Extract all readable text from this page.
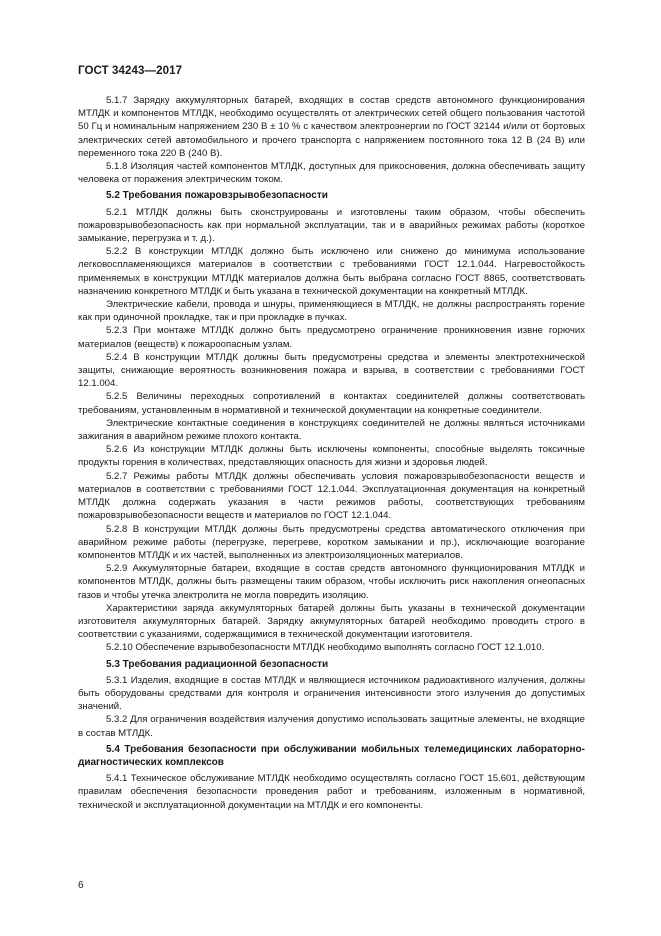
ГОСТ 34243—2017

5.1.7 Зарядку аккумуляторных батарей, входящих в состав средств автономного функционирования МТЛДК и компонентов МТЛДК, необходимо осуществлять от электрических сетей общего пользования частотой 50 Гц и номинальным напряжением 230 В ± 10 % с качеством электроэнергии по ГОСТ 32144 и/или от бортовых электрических сетей автомобильного и прочего транспорта с напряжением постоянного тока 12 В (24 В) или переменного тока 220 В (240 В).

5.1.8 Изоляция частей компонентов МТЛДК, доступных для прикосновения, должна обеспечивать защиту человека от поражения электрическим током.

5.2 Требования пожаровзрывобезопасности

5.2.1 МТЛДК должны быть сконструированы и изготовлены таким образом, чтобы обеспечить пожаровзрывобезопасность как при нормальной эксплуатации, так и в аварийных режимах работы (короткое замыкание, перегрузка и т. д.).

5.2.2 В конструкции МТЛДК должно быть исключено или снижено до минимума использование легковоспламеняющихся материалов в соответствии с требованиями ГОСТ 12.1.044. Нагревостойкость применяемых в конструкции МТЛДК материалов должна быть выбрана согласно ГОСТ 8865, соответствовать назначению конкретного МТЛДК и быть указана в технической документации на конкретный МТЛДК.

Электрические кабели, провода и шнуры, применяющиеся в МТЛДК, не должны распространять горение как при одиночной прокладке, так и при прокладке в пучках.

5.2.3 При монтаже МТЛДК должно быть предусмотрено ограничение проникновения извне горючих материалов (веществ) к пожароопасным узлам.

5.2.4 В конструкции МТЛДК должны быть предусмотрены средства и элементы электротехнической защиты, снижающие вероятность возникновения пожара и взрыва, в соответствии с требованиями ГОСТ 12.1.004.

5.2.5 Величины переходных сопротивлений в контактах соединителей должны соответствовать требованиям, установленным в нормативной и технической документации на конкретные соединители.

Электрические контактные соединения в конструкциях соединителей не должны являться источниками зажигания в аварийном режиме плохого контакта.

5.2.6 Из конструкции МТЛДК должны быть исключены компоненты, способные выделять токсичные продукты горения в количествах, представляющих опасность для жизни и здоровья людей.

5.2.7 Режимы работы МТЛДК должны обеспечивать условия пожаровзрывобезопасности веществ и материалов в соответствии с требованиями ГОСТ 12.1.044. Эксплуатационная документация на конкретный МТЛДК должна содержать указания в части режимов работы, соответствующих требованиям пожаровзрывобезопасности веществ и материалов по ГОСТ 12.1.044.

5.2.8 В конструкции МТЛДК должны быть предусмотрены средства автоматического отключения при аварийном режиме работы (перегрузке, перегреве, коротком замыкании и пр.), исключающие возгорание компонентов МТЛДК и их частей, выполненных из электроизоляционных материалов.

5.2.9 Аккумуляторные батареи, входящие в состав средств автономного функционирования МТЛДК и компонентов МТЛДК, должны быть размещены таким образом, чтобы исключить риск накопления огнеопасных газов и чтобы утечка электролита не могла повредить изоляцию.

Характеристики заряда аккумуляторных батарей должны быть указаны в технической документации изготовителя аккумуляторных батарей. Зарядку аккумуляторных батарей необходимо проводить строго в соответствии с указаниями, содержащимися в технической документации изготовителя.

5.2.10 Обеспечение взрывобезопасности МТЛДК необходимо выполнять согласно ГОСТ 12.1.010.

5.3 Требования радиационной безопасности

5.3.1 Изделия, входящие в состав МТЛДК и являющиеся источником радиоактивного излучения, должны быть оборудованы средствами для контроля и ограничения интенсивности этого излучения до допустимых значений.

5.3.2 Для ограничения воздействия излучения допустимо использовать защитные элементы, не входящие в состав МТЛДК.

5.4 Требования безопасности при обслуживании мобильных телемедицинских лабораторно-диагностических комплексов

5.4.1 Техническое обслуживание МТЛДК необходимо осуществлять согласно ГОСТ 15.601, действующим правилам обеспечения безопасности проведения работ и требованиям, изложенным в нормативной, технической и эксплуатационной документации на МТЛДК и его компоненты.

6
